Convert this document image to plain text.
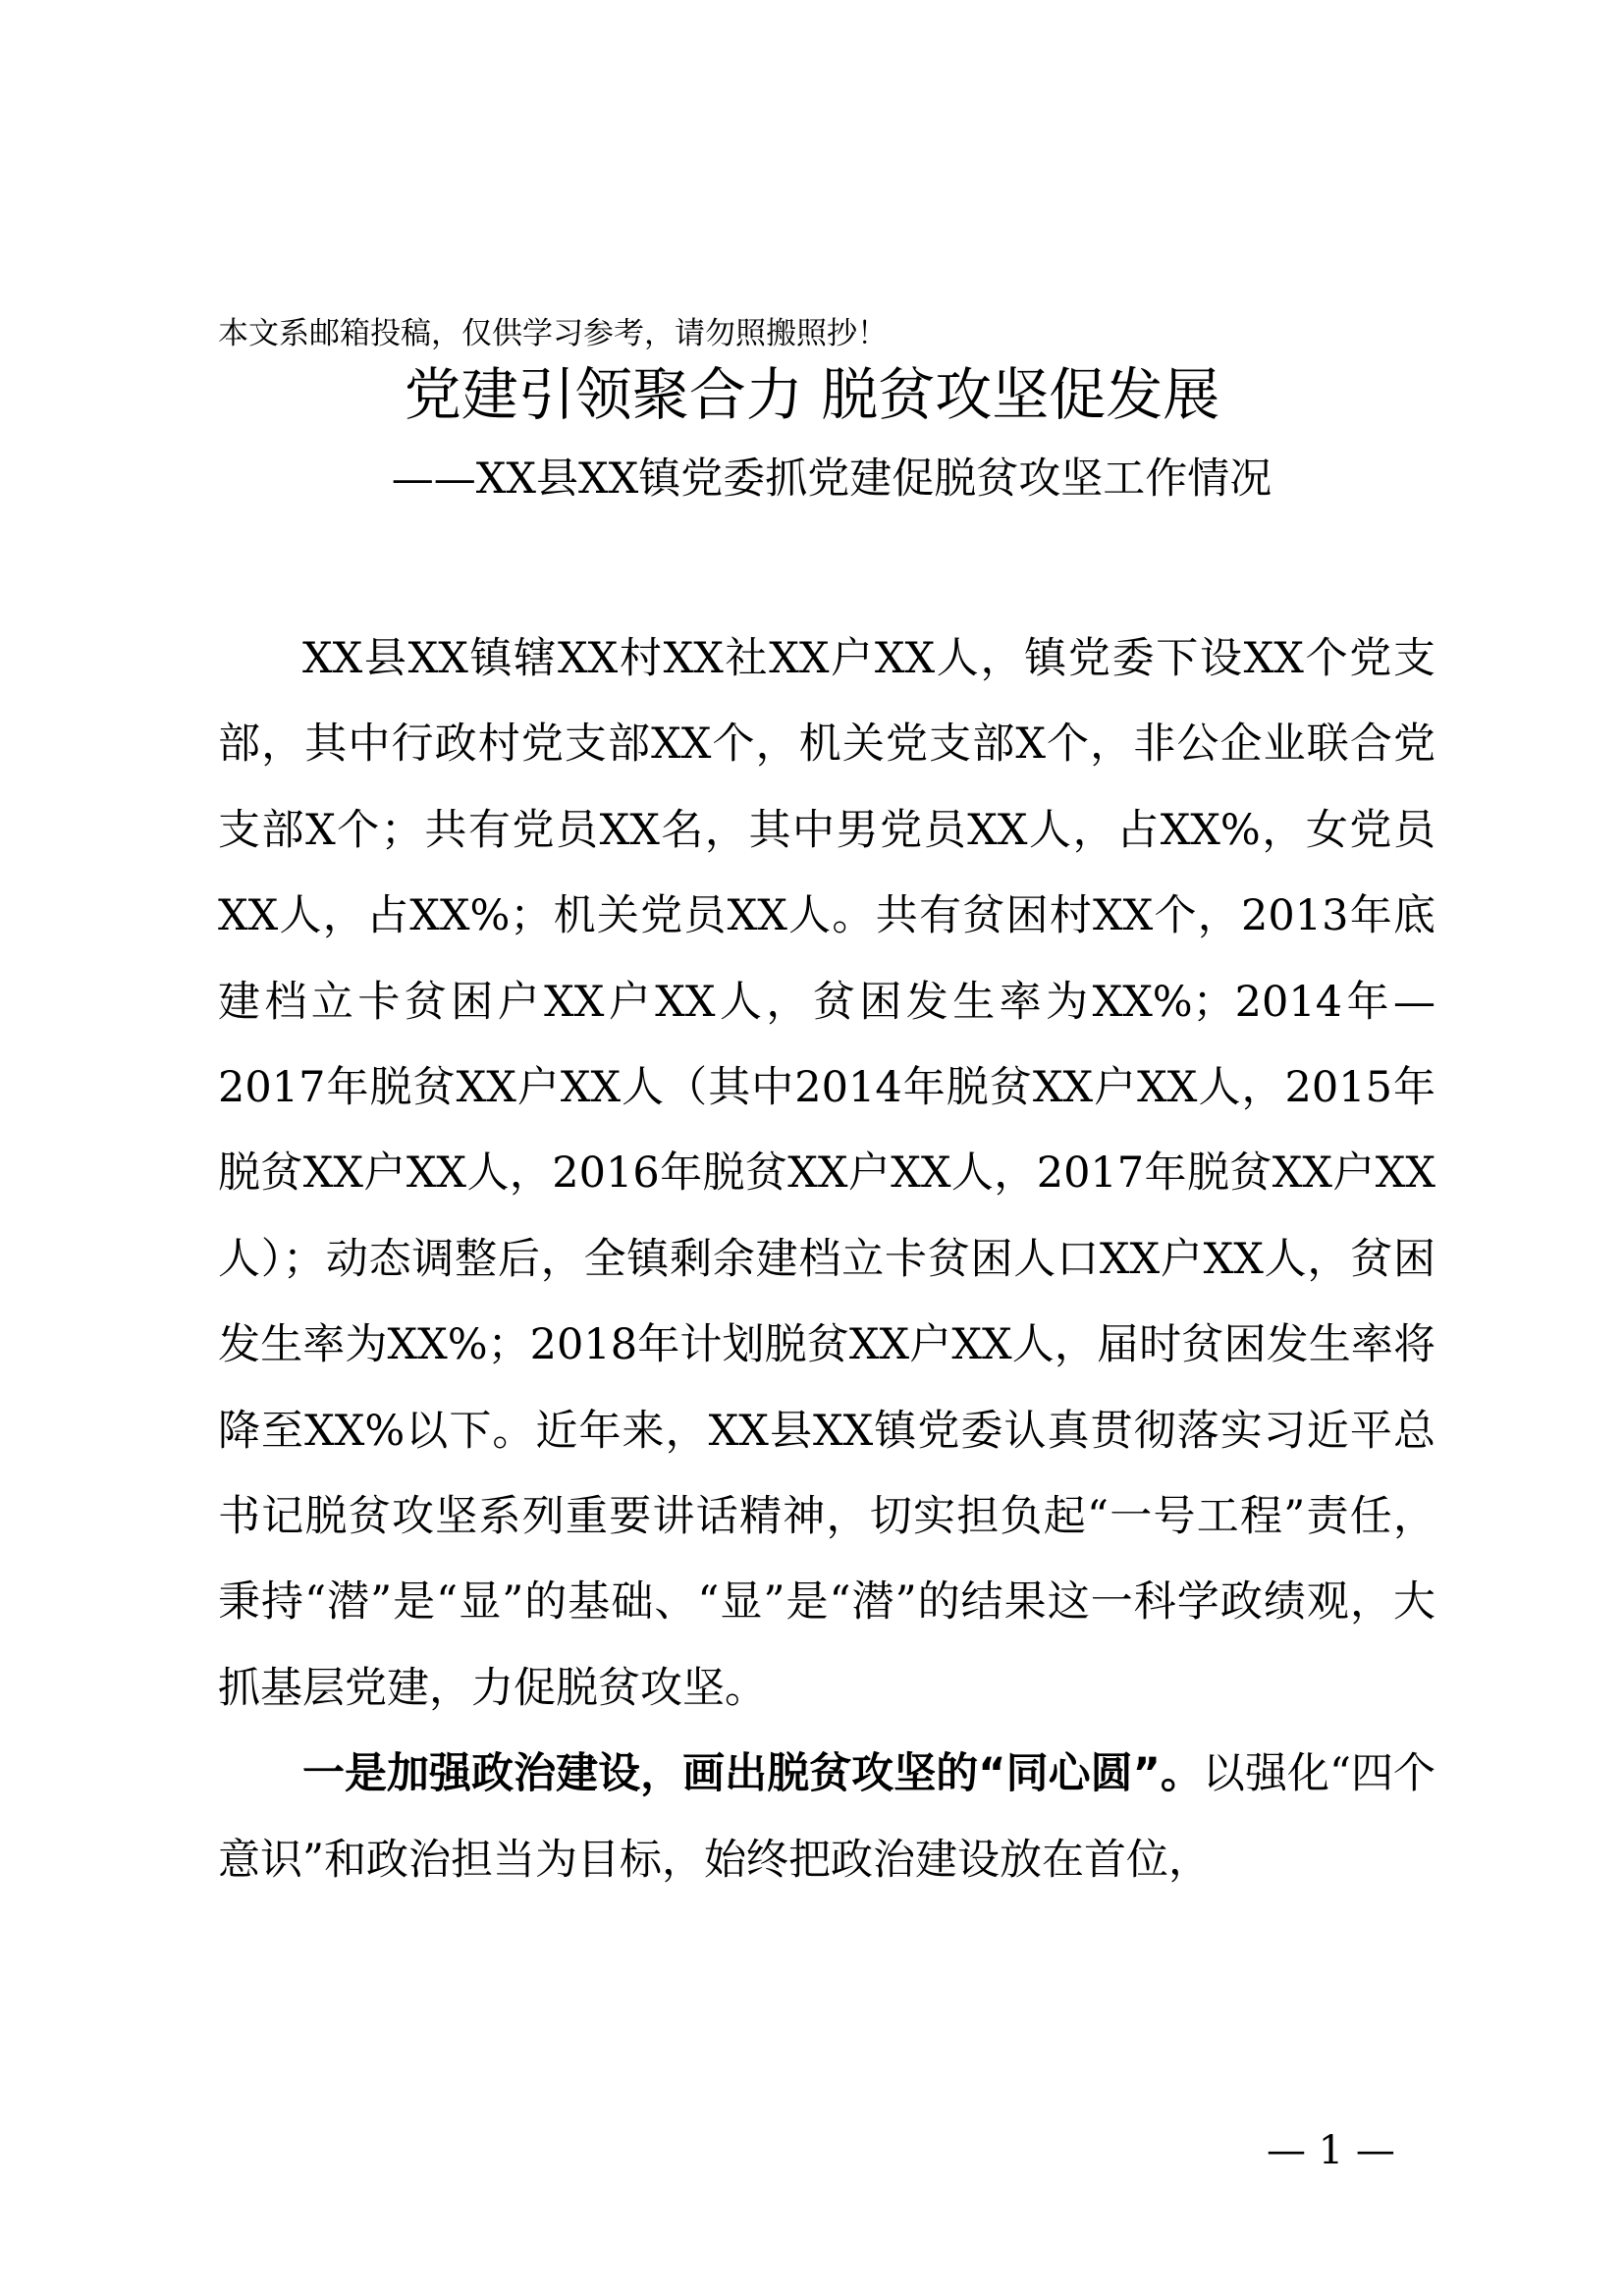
本文系邮箱投稿，仅供学习参考，请勿照搬照抄！
党建引领聚合力 脱贫攻坚促发展
——XX县XX镇党委抓党建促脱贫攻坚工作情况

XX县XX镇辖XX村XX社XX户XX人，镇党委下设XX个党支部，其中行政村党支部XX个，机关党支部X个，非公企业联合党支部X个；共有党员XX名，其中男党员XX人，占XX%，女党员XX人，占XX%；机关党员XX人。共有贫困村XX个，2013年底建档立卡贫困户XX户XX人，贫困发生率为XX%；2014年—2017年脱贫XX户XX人（其中2014年脱贫XX户XX人，2015年脱贫XX户XX人，2016年脱贫XX户XX人，2017年脱贫XX户XX人）；动态调整后，全镇剩余建档立卡贫困人口XX户XX人，贫困发生率为XX%；2018年计划脱贫XX户XX人，届时贫困发生率将降至XX%以下。近年来，XX县XX镇党委认真贯彻落实习近平总书记脱贫攻坚系列重要讲话精神，切实担负起“一号工程”责任，秉持“潜”是“显”的基础、“显”是“潜”的结果这一科学政绩观，大抓基层党建，力促脱贫攻坚。

一是加强政治建设，画出脱贫攻坚的“同心圆”。以强化“四个意识”和政治担当为目标，始终把政治建设放在首位，

— 1 —
